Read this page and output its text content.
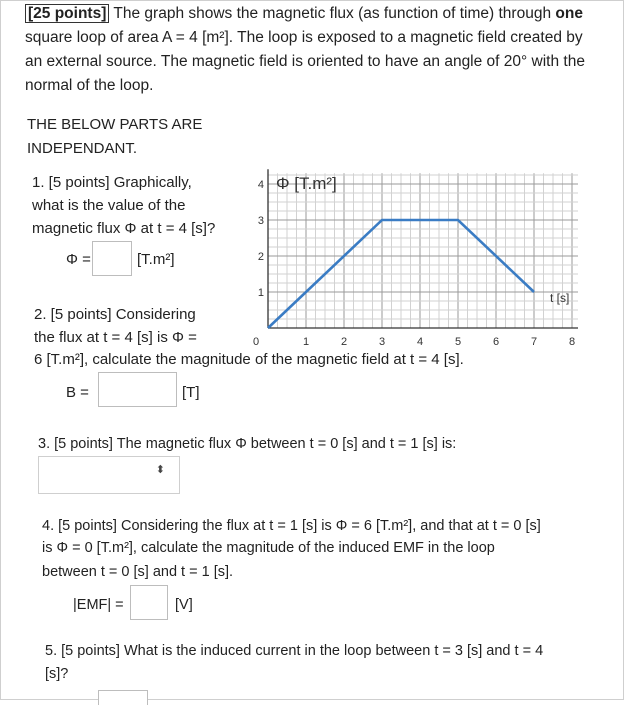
[25 points] The graph shows the magnetic flux (as function of time) through one square loop of area A = 4 [m²]. The loop is exposed to a magnetic field created by an external source. The magnetic field is oriented to have an angle of 20° with the normal of the loop.
THE BELOW PARTS ARE
INDEPENDANT.
1. [5 points] Graphically,
what is the value of the
magnetic flux Φ at t = 4 [s]?
Φ =	[T.m²]
0	1	2	3	4	5	6	7	8
1
2
3
4 Φ [T.m²]
t [s]
2. [5 points] Considering
the flux at t = 4 [s] is Φ =
6 [T.m²], calculate the magnitude of the magnetic field at t = 4 [s].
B =	[T]
3. [5 points] The magnetic flux Φ between t = 0 [s] and t = 1 [s] is:
⬍
4. [5 points] Considering the flux at t = 1 [s] is Φ = 6 [T.m²], and that at t = 0 [s]
is Φ = 0 [T.m²], calculate the magnitude of the induced EMF in the loop
between t = 0 [s] and t = 1 [s].
|EMF| =	[V]
5. [5 points] What is the induced current in the loop between t = 3 [s] and t = 4
[s]?
